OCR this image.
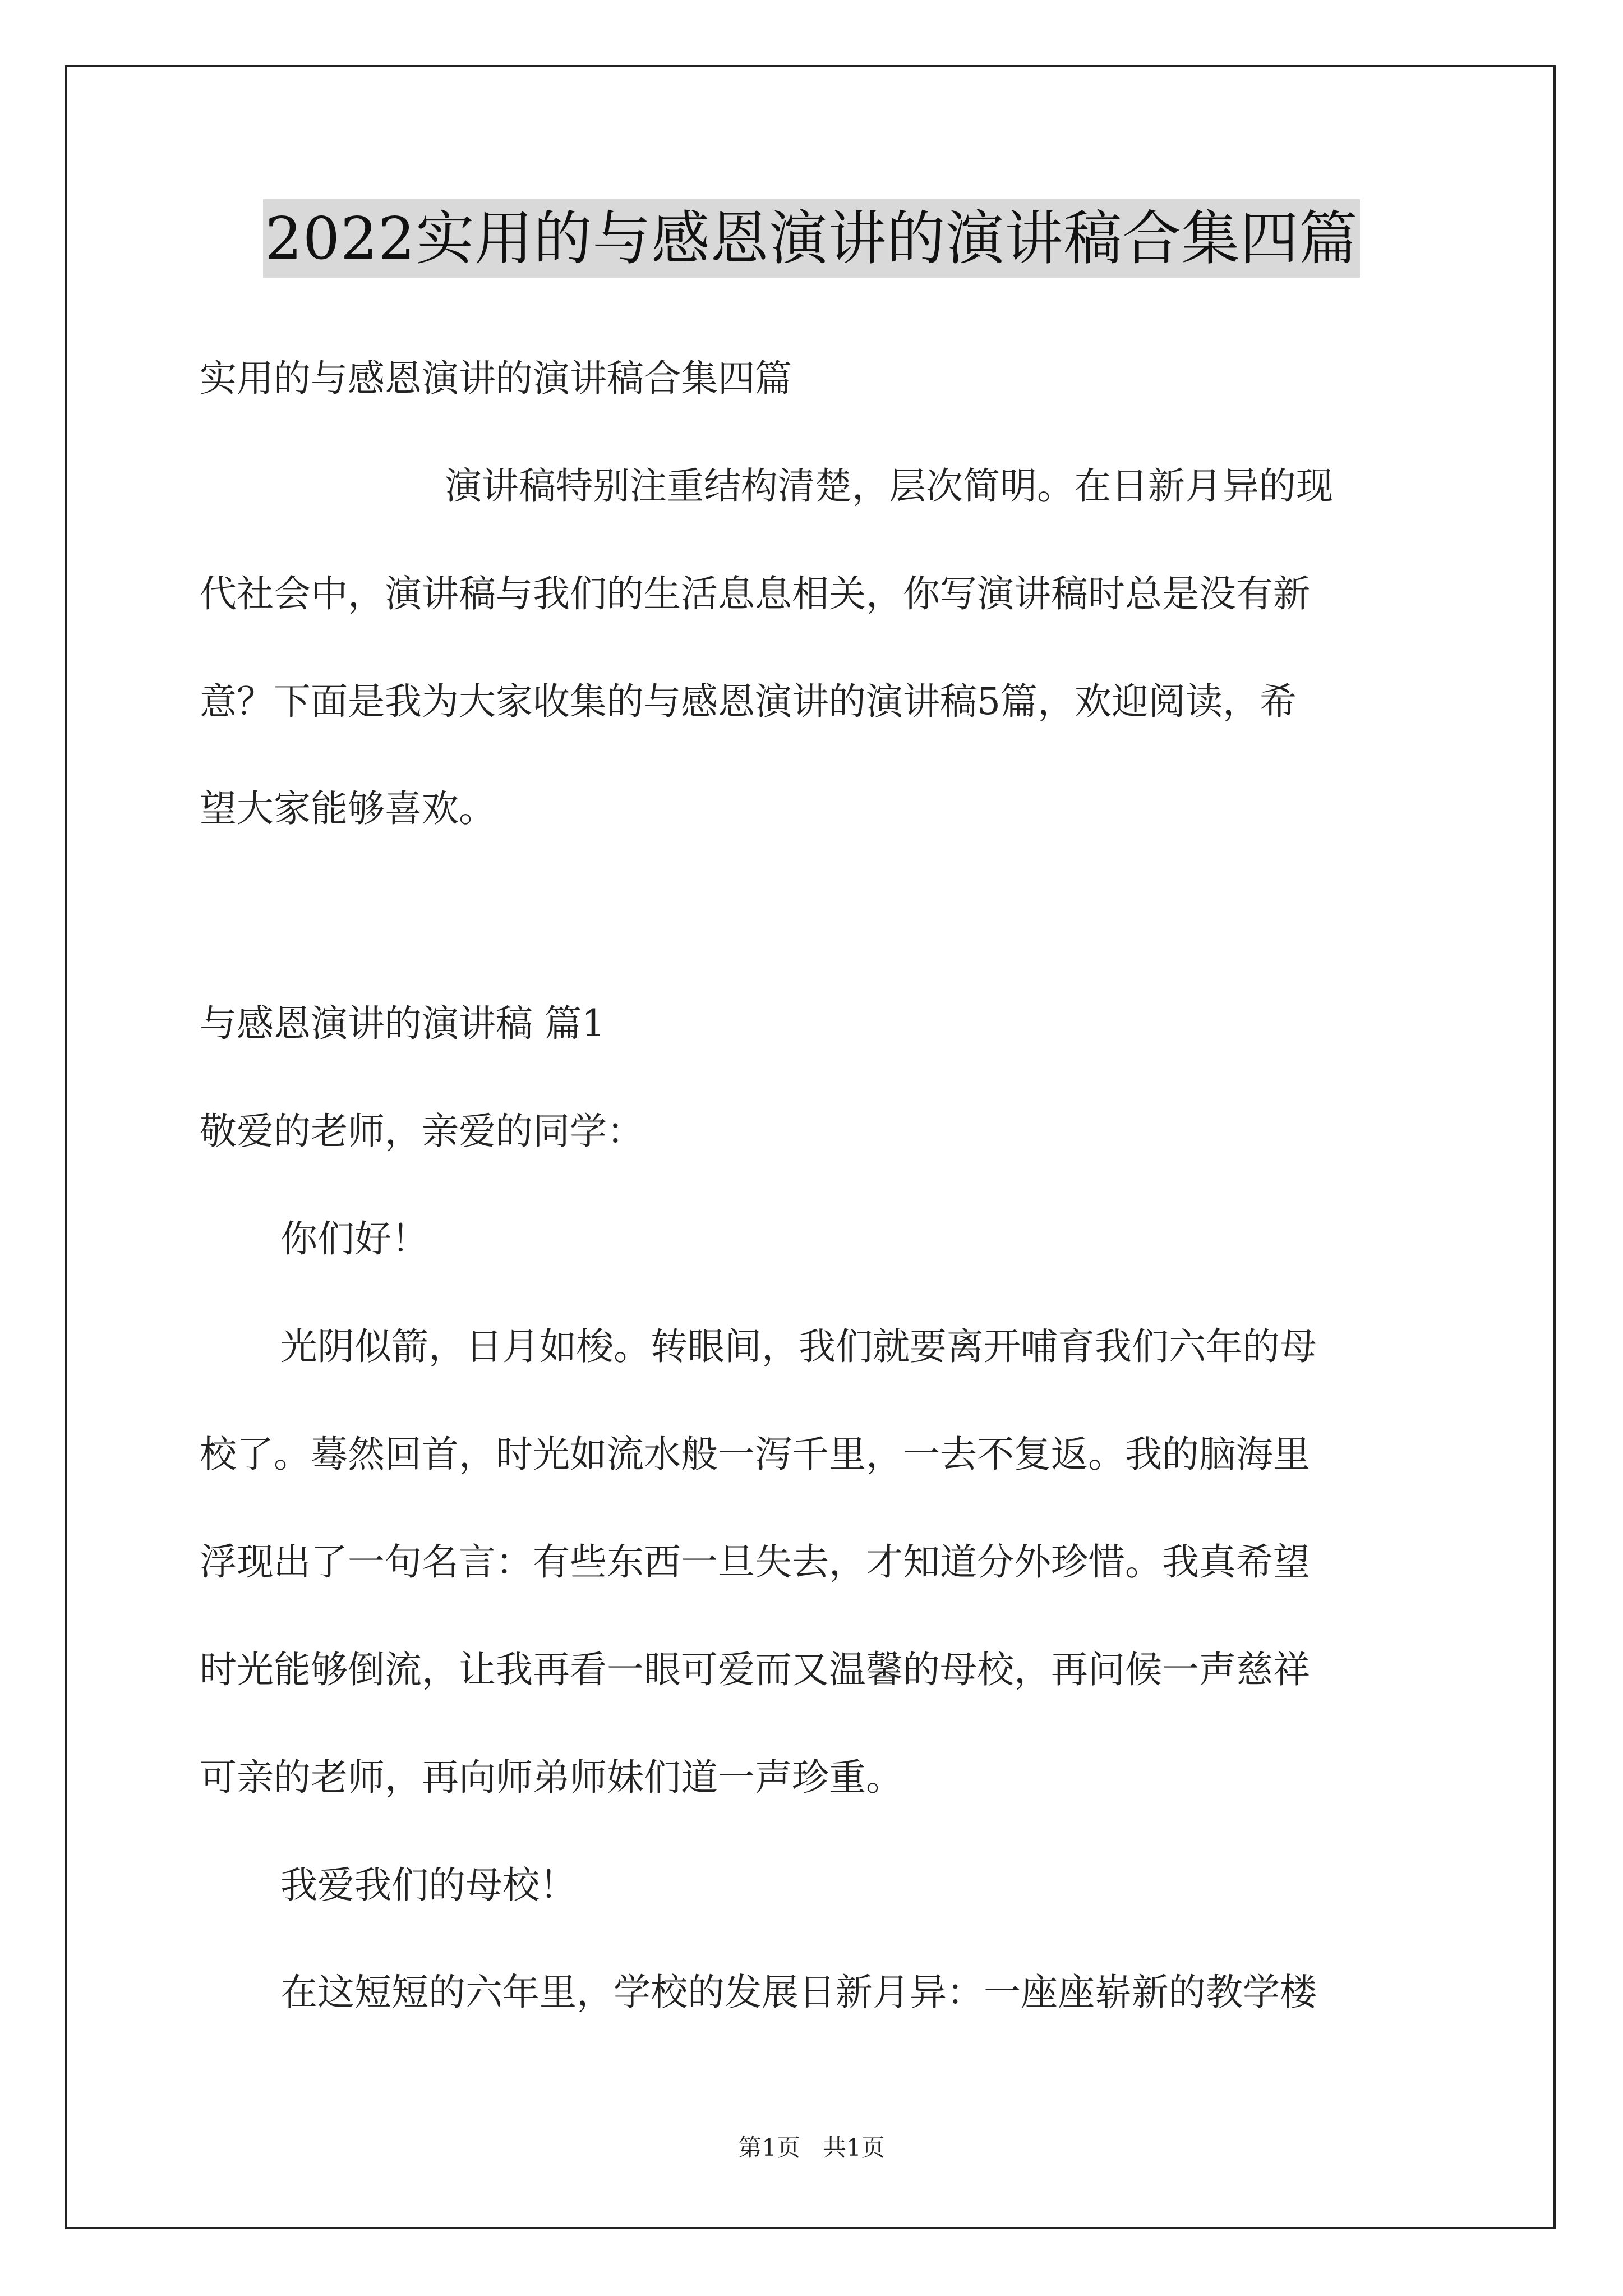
2022实用的与感恩演讲的演讲稿合集四篇
实用的与感恩演讲的演讲稿合集四篇
演讲稿特别注重结构清楚，层次简明。在日新月异的现
代社会中，演讲稿与我们的生活息息相关，你写演讲稿时总是没有新
意？下面是我为大家收集的与感恩演讲的演讲稿5篇，欢迎阅读，希
望大家能够喜欢。
与感恩演讲的演讲稿 篇1
敬爱的老师，亲爱的同学：
你们好！
光阴似箭，日月如梭。转眼间，我们就要离开哺育我们六年的母
校了。蓦然回首，时光如流水般一泻千里，一去不复返。我的脑海里
浮现出了一句名言：有些东西一旦失去，才知道分外珍惜。我真希望
时光能够倒流，让我再看一眼可爱而又温馨的母校，再问候一声慈祥
可亲的老师，再向师弟师妹们道一声珍重。
我爱我们的母校！
在这短短的六年里，学校的发展日新月异：一座座崭新的教学楼
第1页   共1页
